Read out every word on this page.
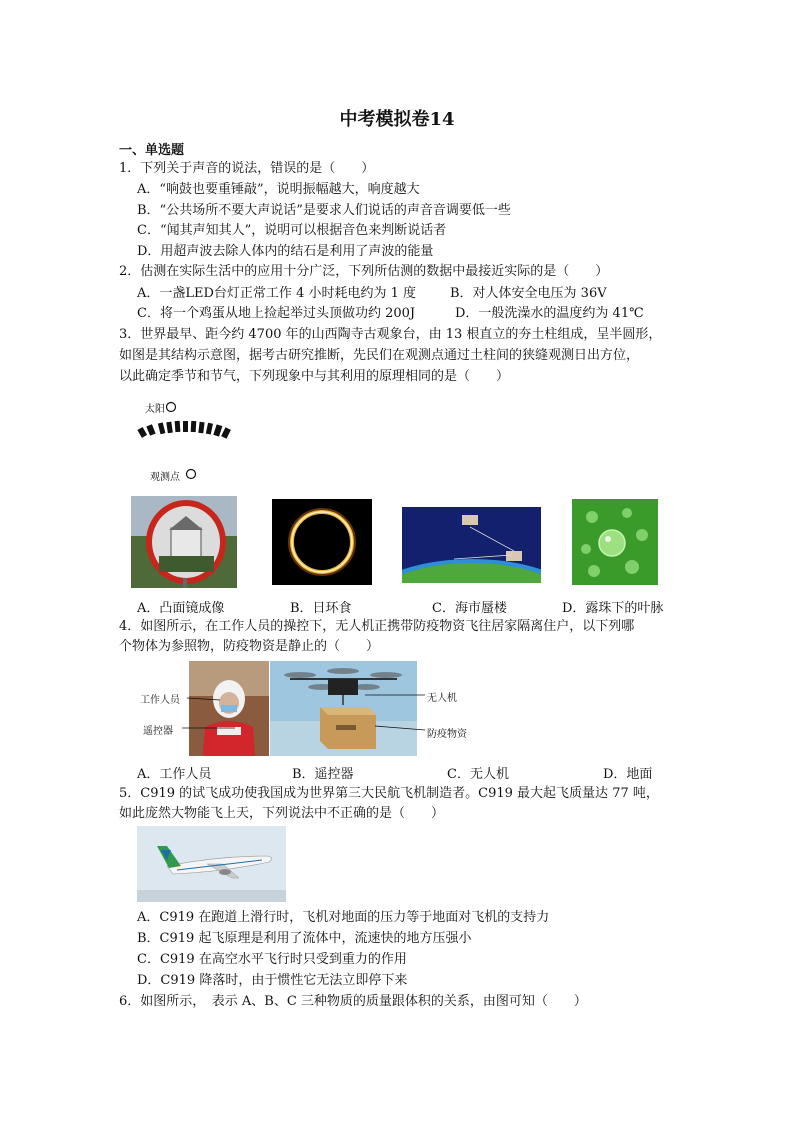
中考模拟卷14
一、单选题
1．下列关于声音的说法，错误的是（　　）
A．“响鼓也要重锤敲”，说明振幅越大，响度越大
B．“公共场所不要大声说话”是要求人们说话的声音音调要低一些
C．“闻其声知其人”，说明可以根据音色来判断说话者
D．用超声波去除人体内的结石是利用了声波的能量
2．估测在实际生活中的应用十分广泛，下列所估测的数据中最接近实际的是（　　）
A．一盏LED台灯正常工作 4 小时耗电约为 1 度	B．对人体安全电压为 36V
C．将一个鸡蛋从地上捡起举过头顶做功约 200J	D．一般洗澡水的温度约为 41℃
3．世界最早、距今约 4700 年的山西陶寺古观象台，由 13 根直立的夯土柱组成，呈半圆形，
如图是其结构示意图，据考古研究推断，先民们在观测点通过土柱间的狭缝观测日出方位，
以此确定季节和节气，下列现象中与其利用的原理相同的是（　　）
太阳
观测点
A．凸面镜成像	B．日环食	C．海市蜃楼	D．露珠下的叶脉
4．如图所示，在工作人员的操控下，无人机正携带防疫物资飞往居家隔离住户，以下列哪
个物体为参照物，防疫物资是静止的（　　）
工作人员
遥控器
无人机
防疫物资
A．工作人员	B．遥控器	C．无人机	D．地面
5．C919 的试飞成功使我国成为世界第三大民航飞机制造者。C919 最大起飞质量达 77 吨，
如此庞然大物能飞上天，下列说法中不正确的是（　　）
A．C919 在跑道上滑行时，飞机对地面的压力等于地面对飞机的支持力
B．C919 起飞原理是利用了流体中，流速快的地方压强小
C．C919 在高空水平飞行时只受到重力的作用
D．C919 降落时，由于惯性它无法立即停下来
6．如图所示，　表示 A、B、C 三种物质的质量跟体积的关系，由图可知（　　）
